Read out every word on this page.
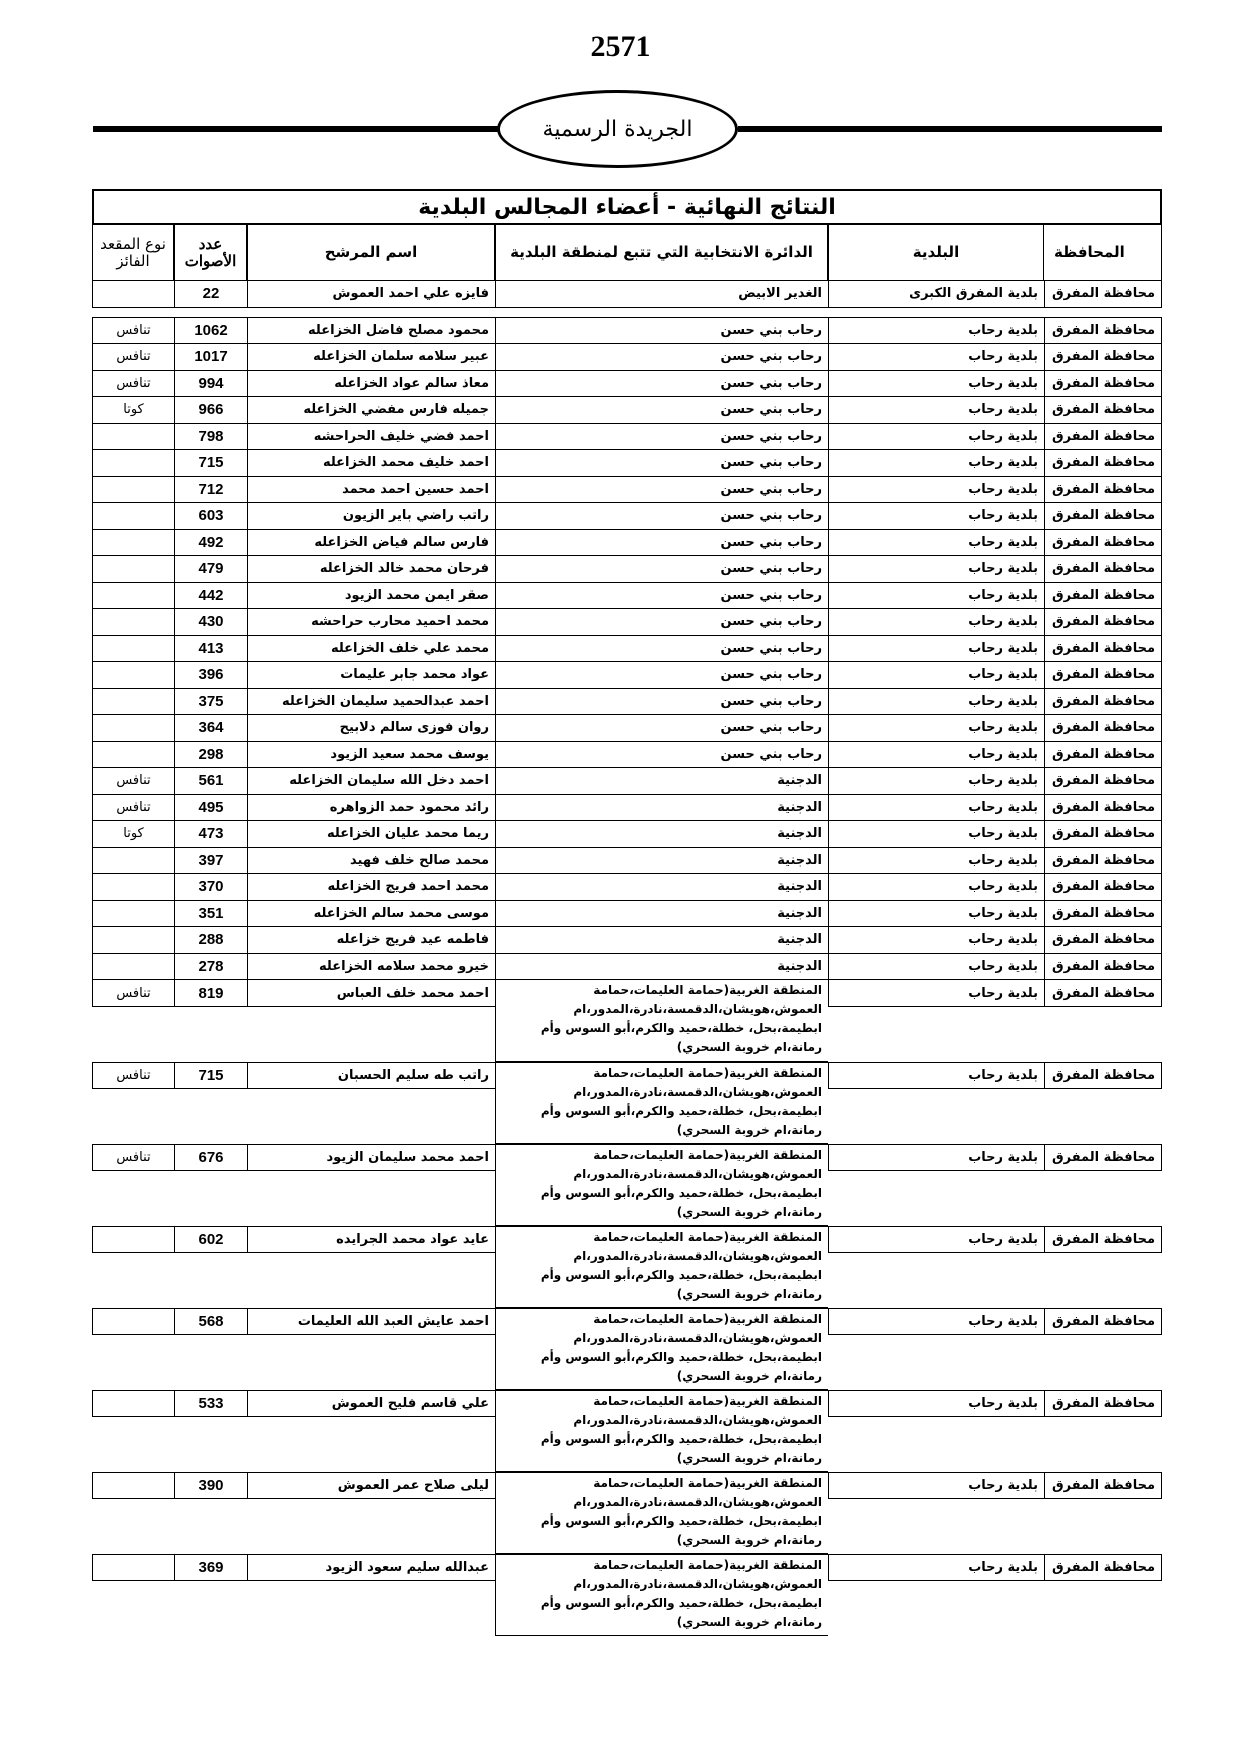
2571
الجريدة الرسمية
النتائج النهائية - أعضاء المجالس البلدية
المحافظة
البلدية
الدائرة الانتخابية التي تتبع لمنطقة البلدية
اسم المرشح
عدد الأصوات
نوع المقعد الفائز
محافظة المفرق
بلدية المفرق الكبرى
الغدير الابيض
فايزه علي احمد العموش
22
محافظة المفرق
بلدية رحاب
رحاب بني حسن
محمود مصلح فاضل الخزاعله
1062
تنافس
محافظة المفرق
بلدية رحاب
رحاب بني حسن
عبير سلامه سلمان الخزاعله
1017
تنافس
محافظة المفرق
بلدية رحاب
رحاب بني حسن
معاذ سالم عواد الخزاعله
994
تنافس
محافظة المفرق
بلدية رحاب
رحاب بني حسن
جميله فارس مفضي الخزاعله
966
كوتا
محافظة المفرق
بلدية رحاب
رحاب بني حسن
احمد فضي خليف الحراحشه
798
محافظة المفرق
بلدية رحاب
رحاب بني حسن
احمد خليف محمد الخزاعله
715
محافظة المفرق
بلدية رحاب
رحاب بني حسن
احمد حسين احمد محمد
712
محافظة المفرق
بلدية رحاب
رحاب بني حسن
راتب راضي باير الزيون
603
محافظة المفرق
بلدية رحاب
رحاب بني حسن
فارس سالم فياض الخزاعله
492
محافظة المفرق
بلدية رحاب
رحاب بني حسن
فرحان محمد خالد الخزاعله
479
محافظة المفرق
بلدية رحاب
رحاب بني حسن
صقر ايمن محمد الزيود
442
محافظة المفرق
بلدية رحاب
رحاب بني حسن
محمد احميد محارب حراحشه
430
محافظة المفرق
بلدية رحاب
رحاب بني حسن
محمد علي خلف الخزاعله
413
محافظة المفرق
بلدية رحاب
رحاب بني حسن
عواد محمد جابر عليمات
396
محافظة المفرق
بلدية رحاب
رحاب بني حسن
احمد عبدالحميد سليمان الخزاعله
375
محافظة المفرق
بلدية رحاب
رحاب بني حسن
روان فوزى سالم دلابيح
364
محافظة المفرق
بلدية رحاب
رحاب بني حسن
يوسف محمد سعيد الزيود
298
محافظة المفرق
بلدية رحاب
الدجنية
احمد دخل الله سليمان الخزاعله
561
تنافس
محافظة المفرق
بلدية رحاب
الدجنية
رائد محمود حمد الزواهره
495
تنافس
محافظة المفرق
بلدية رحاب
الدجنية
ريما محمد عليان الخزاعله
473
كوتا
محافظة المفرق
بلدية رحاب
الدجنية
محمد صالح خلف فهيد
397
محافظة المفرق
بلدية رحاب
الدجنية
محمد احمد فريج الخزاعله
370
محافظة المفرق
بلدية رحاب
الدجنية
موسى محمد سالم الخزاعله
351
محافظة المفرق
بلدية رحاب
الدجنية
فاطمه عيد فريج خزاعله
288
محافظة المفرق
بلدية رحاب
الدجنية
خيرو محمد سلامه الخزاعله
278
محافظة المفرق
بلدية رحاب
المنطقة الغربية(حمامة العليمات،حمامة العموش،هويشان،الدقمسة،نادرة،المدور،ام ابطيمة،بحل، خطلة،حميد والكرم،أبو السوس وأم رمانة،ام خروبة السحري)
احمد محمد خلف العباس
819
تنافس
محافظة المفرق
بلدية رحاب
المنطقة الغربية(حمامة العليمات،حمامة العموش،هويشان،الدقمسة،نادرة،المدور،ام ابطيمة،بحل، خطلة،حميد والكرم،أبو السوس وأم رمانة،ام خروبة السحري)
راتب طه سليم الحسبان
715
تنافس
محافظة المفرق
بلدية رحاب
المنطقة الغربية(حمامة العليمات،حمامة العموش،هويشان،الدقمسة،نادرة،المدور،ام ابطيمة،بحل، خطلة،حميد والكرم،أبو السوس وأم رمانة،ام خروبة السحري)
احمد محمد سليمان الزيود
676
تنافس
محافظة المفرق
بلدية رحاب
المنطقة الغربية(حمامة العليمات،حمامة العموش،هويشان،الدقمسة،نادرة،المدور،ام ابطيمة،بحل، خطلة،حميد والكرم،أبو السوس وأم رمانة،ام خروبة السحري)
عايد عواد محمد الجرايده
602
محافظة المفرق
بلدية رحاب
المنطقة الغربية(حمامة العليمات،حمامة العموش،هويشان،الدقمسة،نادرة،المدور،ام ابطيمة،بحل، خطلة،حميد والكرم،أبو السوس وأم رمانة،ام خروبة السحري)
احمد عايش العبد الله العليمات
568
محافظة المفرق
بلدية رحاب
المنطقة الغربية(حمامة العليمات،حمامة العموش،هويشان،الدقمسة،نادرة،المدور،ام ابطيمة،بحل، خطلة،حميد والكرم،أبو السوس وأم رمانة،ام خروبة السحري)
علي قاسم فليح العموش
533
محافظة المفرق
بلدية رحاب
المنطقة الغربية(حمامة العليمات،حمامة العموش،هويشان،الدقمسة،نادرة،المدور،ام ابطيمة،بحل، خطلة،حميد والكرم،أبو السوس وأم رمانة،ام خروبة السحري)
ليلى صلاح عمر العموش
390
محافظة المفرق
بلدية رحاب
المنطقة الغربية(حمامة العليمات،حمامة العموش،هويشان،الدقمسة،نادرة،المدور،ام ابطيمة،بحل، خطلة،حميد والكرم،أبو السوس وأم رمانة،ام خروبة السحري)
عبدالله سليم سعود الزيود
369
